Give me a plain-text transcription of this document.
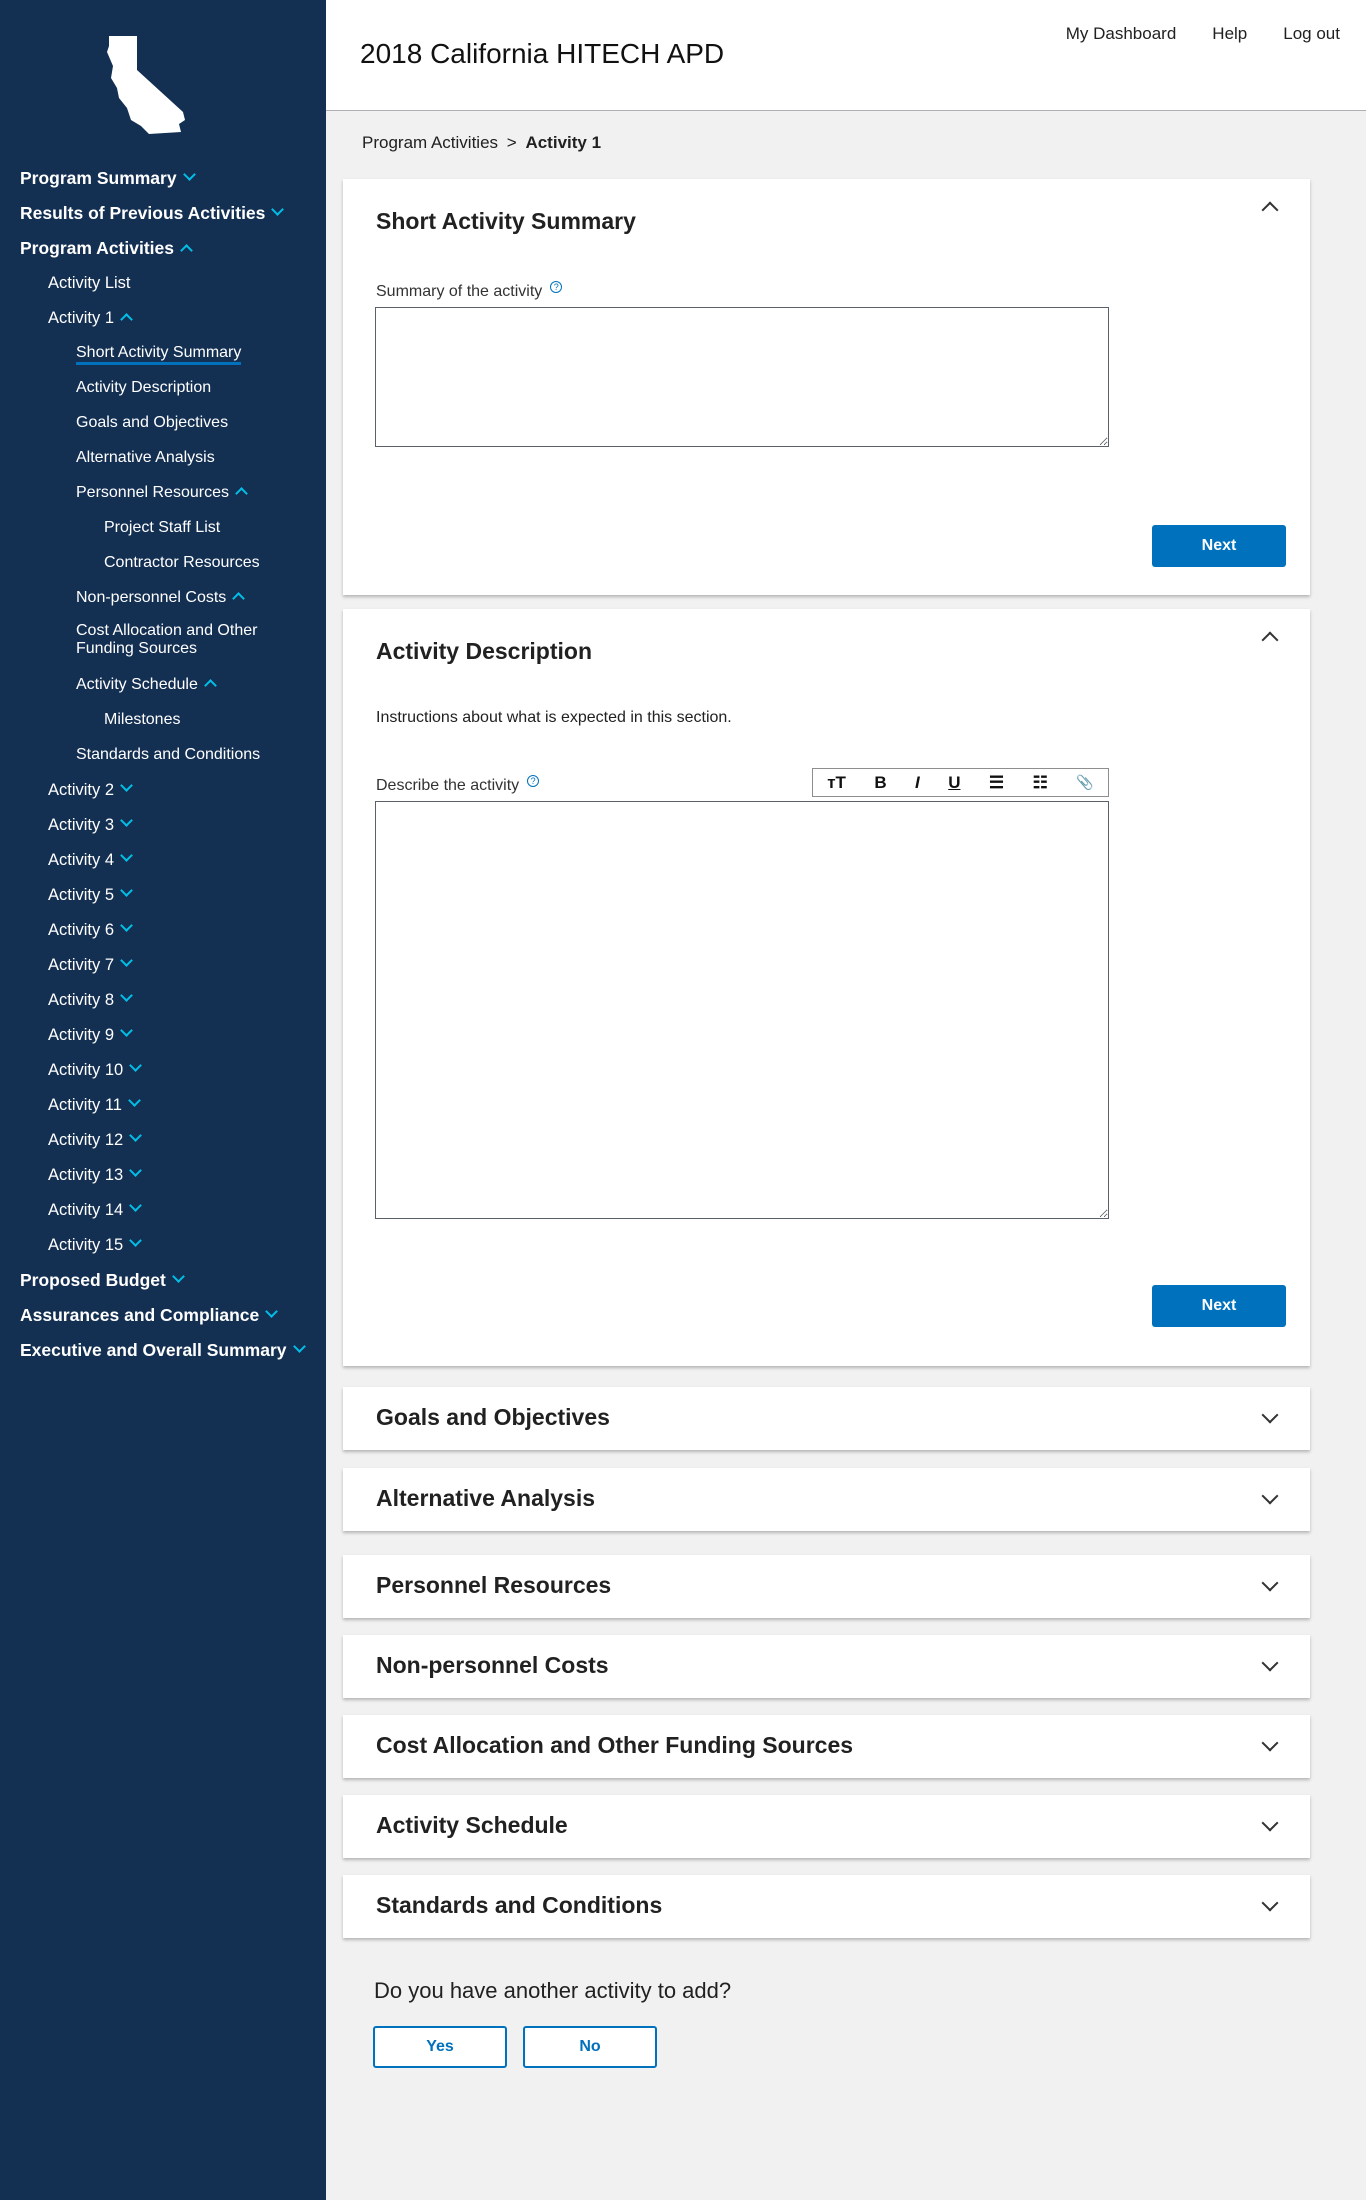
Program Summary
Results of Previous Activities
Program Activities
Activity List
Activity 1
Short Activity Summary
Activity Description
Goals and Objectives
Alternative Analysis
Personnel Resources
Project Staff List
Contractor Resources
Non-personnel Costs
Cost Allocation and Other Funding Sources
Activity Schedule
Milestones
Standards and Conditions
Activity 2
Activity 3
Activity 4
Activity 5
Activity 6
Activity 7
Activity 8
Activity 9
Activity 10
Activity 11
Activity 12
Activity 13
Activity 14
Activity 15
Proposed Budget
Assurances and Compliance
Executive and Overall Summary
2018 California HITECH APD
My Dashboard Help Log out
Program Activities > Activity 1
Short Activity Summary
Summary of the activity ?
Next
Activity Description
Instructions about what is expected in this section.
Describe the activity ?	тT B I U ☰ ☷ 📎
Next
Goals and Objectives
Alternative Analysis
Personnel Resources
Non-personnel Costs
Cost Allocation and Other Funding Sources
Activity Schedule
Standards and Conditions
Do you have another activity to add?
Yes	No
